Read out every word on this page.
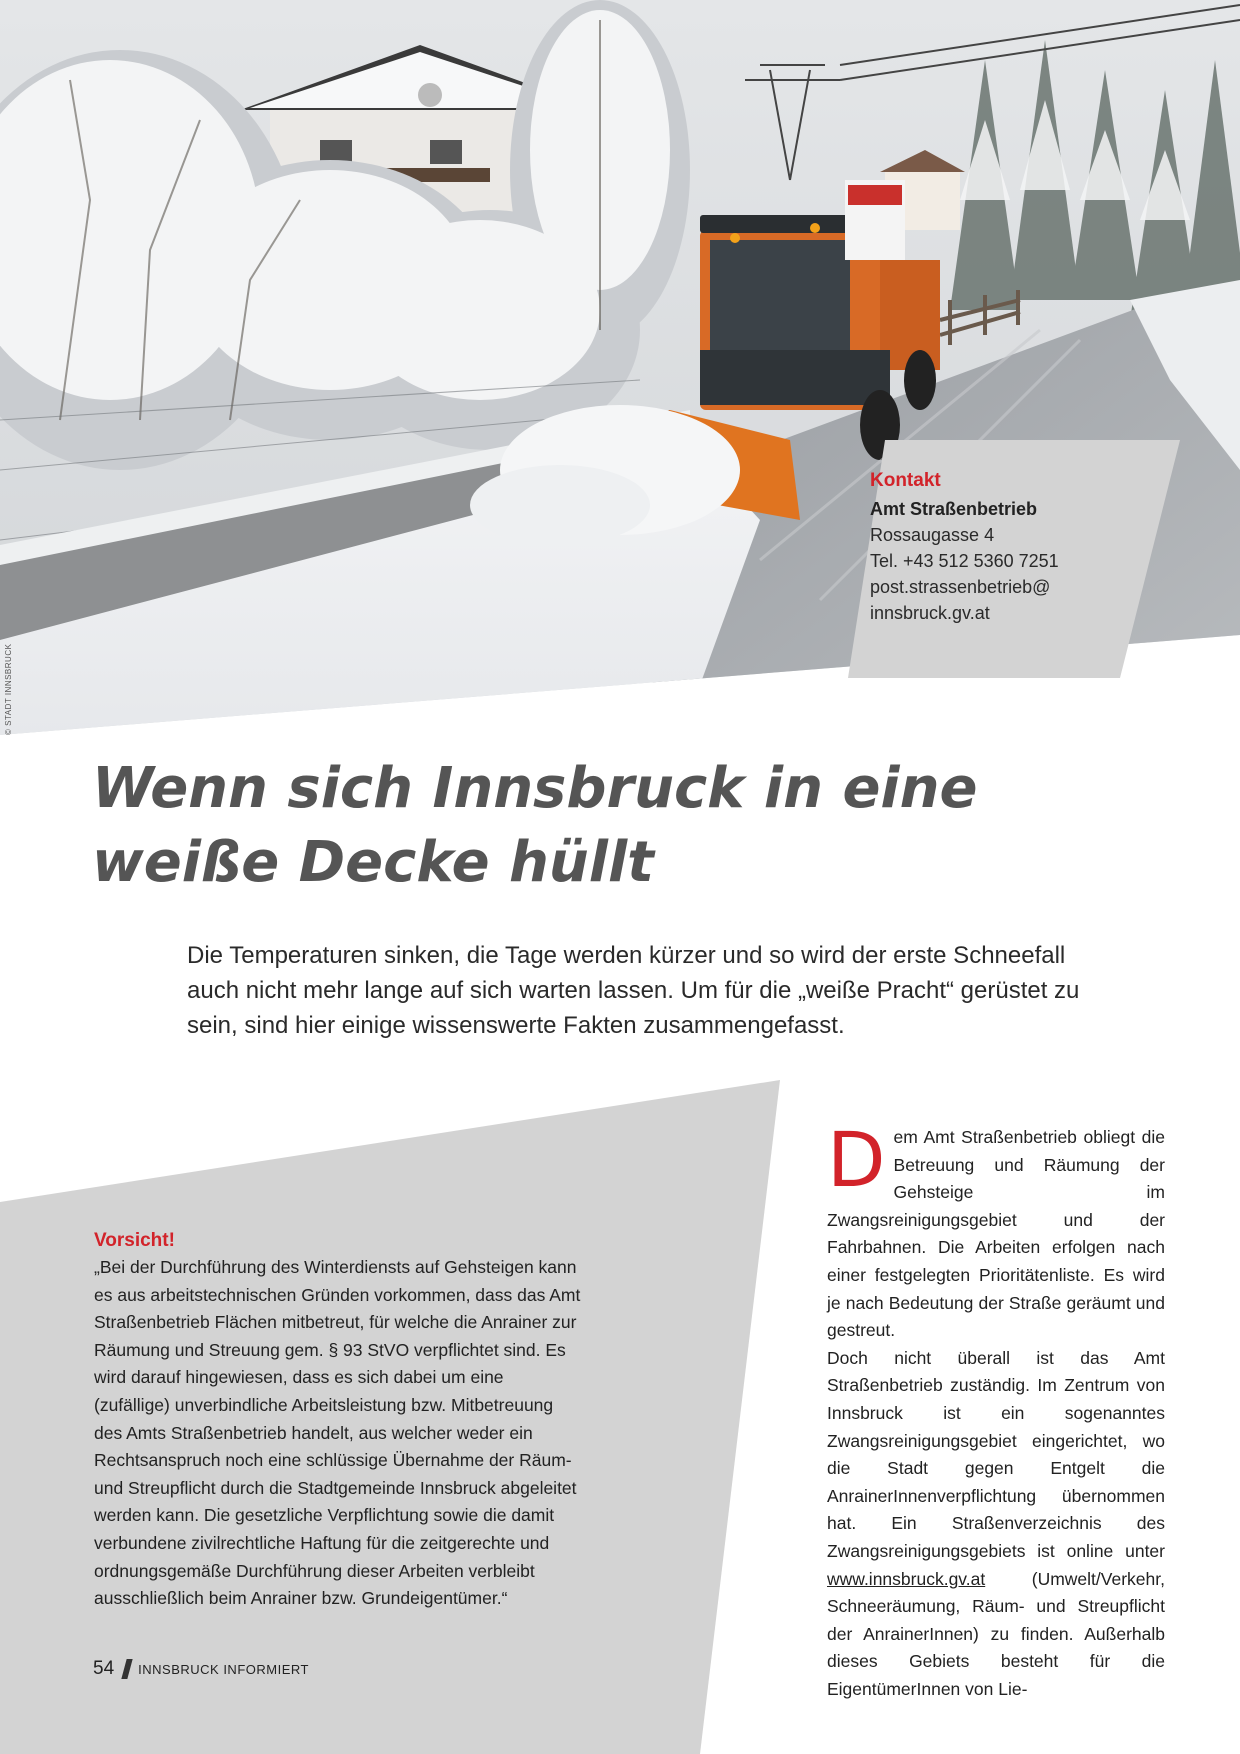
© STADT INNSBRUCK
Kontakt
Amt Straßenbetrieb
Rossaugasse 4
Tel. +43 512 5360 7251
post.strassenbetrieb@
innsbruck.gv.at
Wenn sich Innsbruck in eine
weiße Decke hüllt

Die Temperaturen sinken, die Tage werden kürzer und so wird der erste Schneefall auch nicht mehr lange auf sich warten lassen. Um für die „weiße Pracht“ gerüstet zu sein, sind hier einige wissenswerte Fakten zusammengefasst.

Vorsicht!

„Bei der Durchführung des Winterdiensts auf Gehsteigen kann es aus arbeitstechnischen Gründen vorkommen, dass das Amt Straßenbetrieb Flächen mitbetreut, für welche die Anrainer zur Räumung und Streuung gem. § 93 StVO verpflichtet sind. Es wird darauf hingewiesen, dass es sich dabei um eine (zufällige) unverbindliche Arbeitsleistung bzw. Mitbetreuung des Amts Straßenbetrieb handelt, aus welcher weder ein Rechtsanspruch noch eine schlüssige Übernahme der Räum- und Streupflicht durch die Stadtgemeinde Innsbruck abgeleitet werden kann. Die gesetzliche Verpflichtung sowie die damit verbundene zivilrechtliche Haftung für die zeitgerechte und ordnungsgemäße Durchführung dieser Arbeiten verbleibt ausschließlich beim Anrainer bzw. Grundeigentümer.“

Dem Amt Straßenbetrieb obliegt die Betreuung und Räumung der Gehsteige im Zwangsreinigungsgebiet und der Fahrbahnen. Die Arbeiten erfolgen nach einer festgelegten Prioritätenliste. Es wird je nach Bedeutung der Straße geräumt und gestreut.

Doch nicht überall ist das Amt Straßenbetrieb zuständig. Im Zentrum von Innsbruck ist ein sogenanntes Zwangsreinigungsgebiet eingerichtet, wo die Stadt gegen Entgelt die AnrainerInnenverpflichtung übernommen hat. Ein Straßenverzeichnis des Zwangsreinigungsgebiets ist online unter www.innsbruck.gv.at (Umwelt/Verkehr, Schneeräumung, Räum- und Streupflicht der AnrainerInnen) zu finden. Außerhalb dieses Gebiets besteht für die EigentümerInnen von Lie-

54 INNSBRUCK INFORMIERT
